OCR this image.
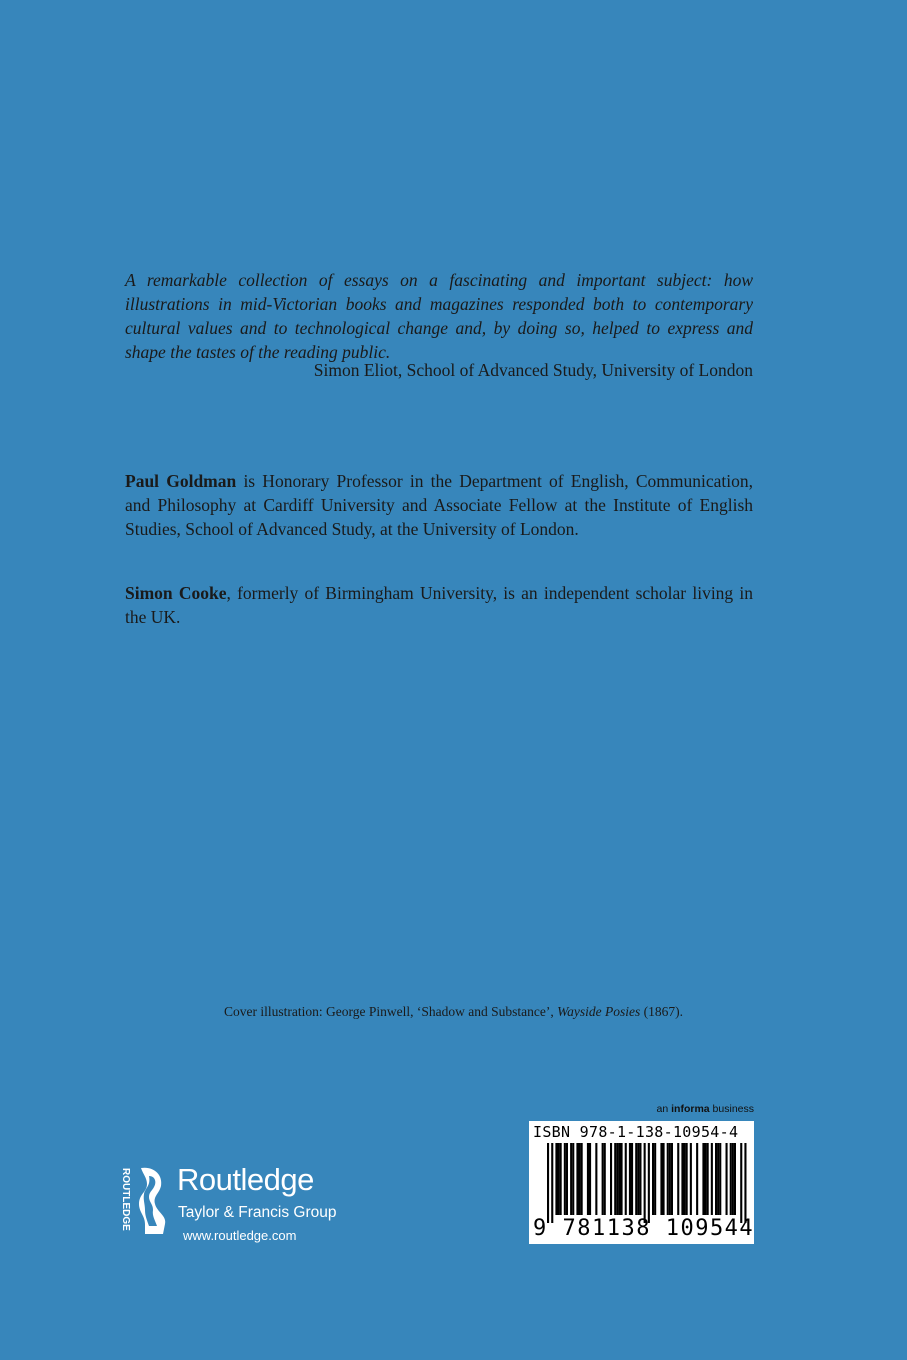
A remarkable collection of essays on a fascinating and important subject: how illustrations in mid-Victorian books and magazines responded both to contemporary cultural values and to technological change and, by doing so, helped to express and shape the tastes of the reading public.
Simon Eliot, School of Advanced Study, University of London
Paul Goldman is Honorary Professor in the Department of English, Communication, and Philosophy at Cardiff University and Associate Fellow at the Institute of English Studies, School of Advanced Study, at the University of London.
Simon Cooke, formerly of Birmingham University, is an independent scholar living in the UK.
Cover illustration: George Pinwell, ‘Shadow and Substance’, Wayside Posies (1867).
an informa business
ISBN 978-1-138-10954-4
9 781138 109544
ROUTLEDGE Routledge
Taylor & Francis Group
www.routledge.com
